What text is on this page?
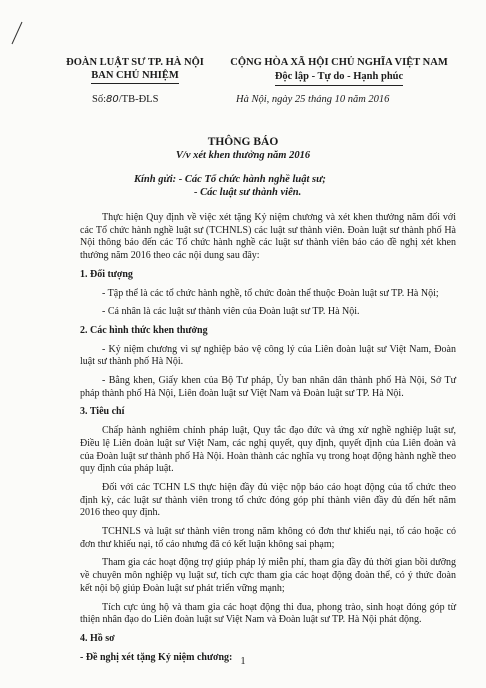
ĐOÀN LUẬT SƯ TP. HÀ NỘI
BAN CHỦ NHIỆM
CỘNG HÒA XÃ HỘI CHỦ NGHĨA VIỆT NAM
Độc lập - Tự do - Hạnh phúc
Số:80/TB-ĐLS	Hà Nội, ngày 25 tháng 10 năm 2016
THÔNG BÁO
V/v xét khen thưởng năm 2016
Kính gửi: - Các Tổ chức hành nghề luật sư;
- Các luật sư thành viên.

Thực hiện Quy định về việc xét tặng Kỷ niệm chương và xét khen thưởng năm đối với các Tổ chức hành nghề luật sư (TCHNLS) các luật sư thành viên. Đoàn luật sư thành phố Hà Nội thông báo đến các Tổ chức hành nghề các luật sư thành viên báo cáo đề nghị xét khen thưởng năm 2016 theo các nội dung sau đây:

1. Đối tượng

- Tập thể là các tổ chức hành nghề, tổ chức đoàn thể thuộc Đoàn luật sư TP. Hà Nội;

- Cá nhân là các luật sư thành viên của Đoàn luật sư TP. Hà Nội.

2. Các hình thức khen thưởng

- Kỷ niệm chương vì sự nghiệp bảo vệ công lý của Liên đoàn luật sư Việt Nam, Đoàn luật sư thành phố Hà Nội.

- Bằng khen, Giấy khen của Bộ Tư pháp, Ủy ban nhân dân thành phố Hà Nội, Sở Tư pháp thành phố Hà Nội, Liên đoàn luật sư Việt Nam và Đoàn luật sư TP. Hà Nội.

3. Tiêu chí

Chấp hành nghiêm chỉnh pháp luật, Quy tắc đạo đức và ứng xử nghề nghiệp luật sư, Điều lệ Liên đoàn luật sư Việt Nam, các nghị quyết, quy định, quyết định của Liên đoàn và của Đoàn luật sư thành phố Hà Nội. Hoàn thành các nghĩa vụ trong hoạt động hành nghề theo quy định của pháp luật.

Đối với các TCHN LS thực hiện đầy đủ việc nộp báo cáo hoạt động của tổ chức theo định kỳ, các luật sư thành viên trong tổ chức đóng góp phí thành viên đầy đủ đến hết năm 2016 theo quy định.

TCHNLS và luật sư thành viên trong năm không có đơn thư khiếu nại, tố cáo hoặc có đơn thư khiếu nại, tố cáo nhưng đã có kết luận không sai phạm;

Tham gia các hoạt động trợ giúp pháp lý miễn phí, tham gia đầy đủ thời gian bồi dưỡng về chuyên môn nghiệp vụ luật sư, tích cực tham gia các hoạt động đoàn thể, có ý thức đoàn kết nội bộ giúp Đoàn luật sư phát triển vững mạnh;

Tích cực ủng hộ và tham gia các hoạt động thi đua, phong trào, sinh hoạt đóng góp từ thiện nhân đạo do Liên đoàn luật sư Việt Nam và Đoàn luật sư TP. Hà Nội phát động.

4. Hồ sơ
- Đề nghị xét tặng Kỷ niệm chương: 1
